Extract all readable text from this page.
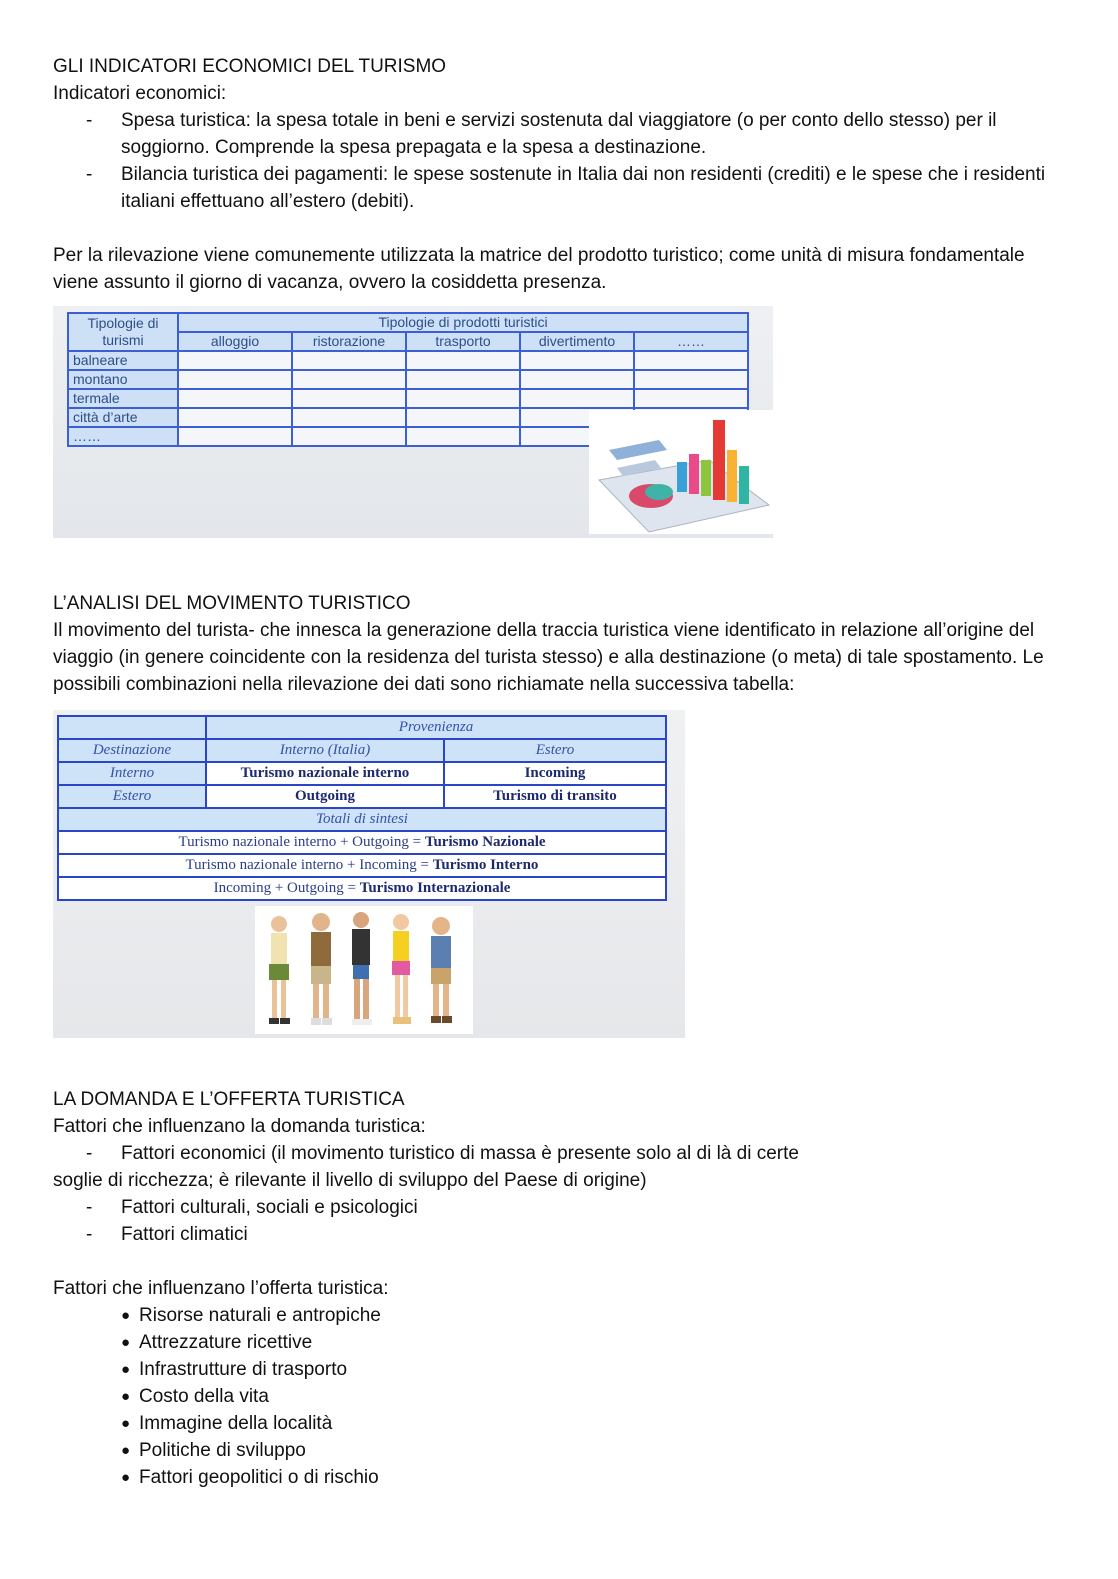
GLI INDICATORI ECONOMICI DEL TURISMO

Indicatori economici:

- Spesa turistica: la spesa totale in beni e servizi sostenuta dal viaggiatore (o per conto dello stesso) per il soggiorno. Comprende la spesa prepagata e la spesa a destinazione.
- Bilancia turistica dei pagamenti: le spese sostenute in Italia dai non residenti (crediti) e le spese che i residenti italiani effettuano all’estero (debiti).

Per la rilevazione viene comunemente utilizzata la matrice del prodotto turistico; come unità di misura fondamentale viene assunto il giorno di vacanza, ovvero la cosiddetta presenza.

Tipologie di turismi	Tipologie di prodotti turistici				
	alloggio	ristorazione	trasporto	divertimento	……
balneare					
montano					
termale					
città d’arte					
……					
L’ANALISI DEL MOVIMENTO TURISTICO

Il movimento del turista- che innesca la generazione della traccia turistica viene identificato in relazione all’origine del viaggio (in genere coincidente con la residenza del turista stesso) e alla destinazione (o meta) di tale spostamento. Le possibili combinazioni nella rilevazione dei dati sono richiamate nella successiva tabella:

	Provenienza	
Destinazione	Interno (Italia)	Estero
Interno	Turismo nazionale interno	Incoming
Estero	Outgoing	Turismo di transito
Totali di sintesi		
Turismo nazionale interno + Outgoing = Turismo Nazionale		
Turismo nazionale interno + Incoming = Turismo Interno		
Incoming + Outgoing = Turismo Internazionale		
LA DOMANDA E L’OFFERTA TURISTICA

Fattori che influenzano la domanda turistica:

- Fattori economici (il movimento turistico di massa è presente solo al di là di certe

soglie di ricchezza; è rilevante il livello di sviluppo del Paese di origine)

- Fattori culturali, sociali e psicologici
- Fattori climatici

Fattori che influenzano l’offerta turistica:

● Risorse naturali e antropiche
● Attrezzature ricettive
● Infrastrutture di trasporto
● Costo della vita
● Immagine della località
● Politiche di sviluppo
● Fattori geopolitici o di rischio
